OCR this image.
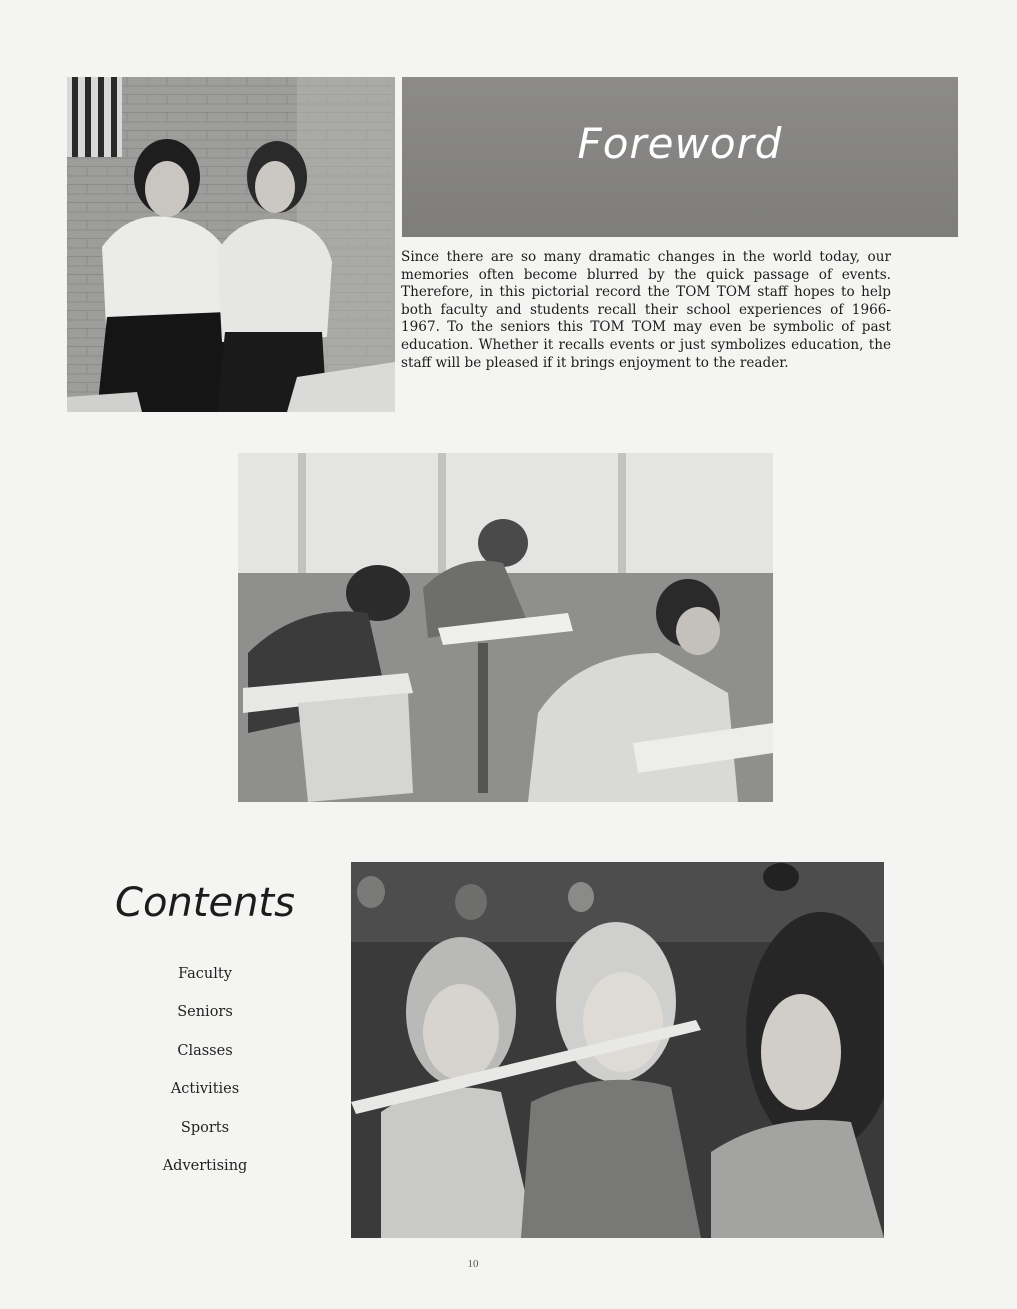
Foreword

Since there are so many dramatic changes in the world today, our memories often become blurred by the quick passage of events. Therefore, in this pictorial record the TOM TOM staff hopes to help both faculty and students recall their school experiences of 1966-1967. To the seniors this TOM TOM may even be symbolic of past education. Whether it recalls events or just symbolizes education, the staff will be pleased if it brings enjoyment to the reader.

Contents
Faculty
Seniors
Classes
Activities
Sports
Advertising
10
